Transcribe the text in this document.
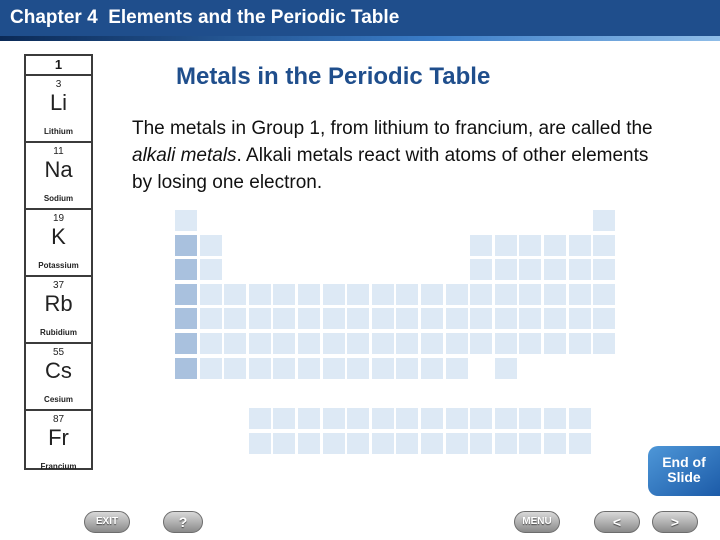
Chapter 4 Elements and the Periodic Table
1
3
Li
Lithium
11
Na
Sodium
19
K
Potassium
37
Rb
Rubidium
55
Cs
Cesium
87
Fr
Francium
Metals in the Periodic Table
The metals in Group 1, from lithium to francium, are called the alkali metals. Alkali metals react with atoms of other elements by losing one electron.
End of Slide
EXIT	?	MENU	<	>
